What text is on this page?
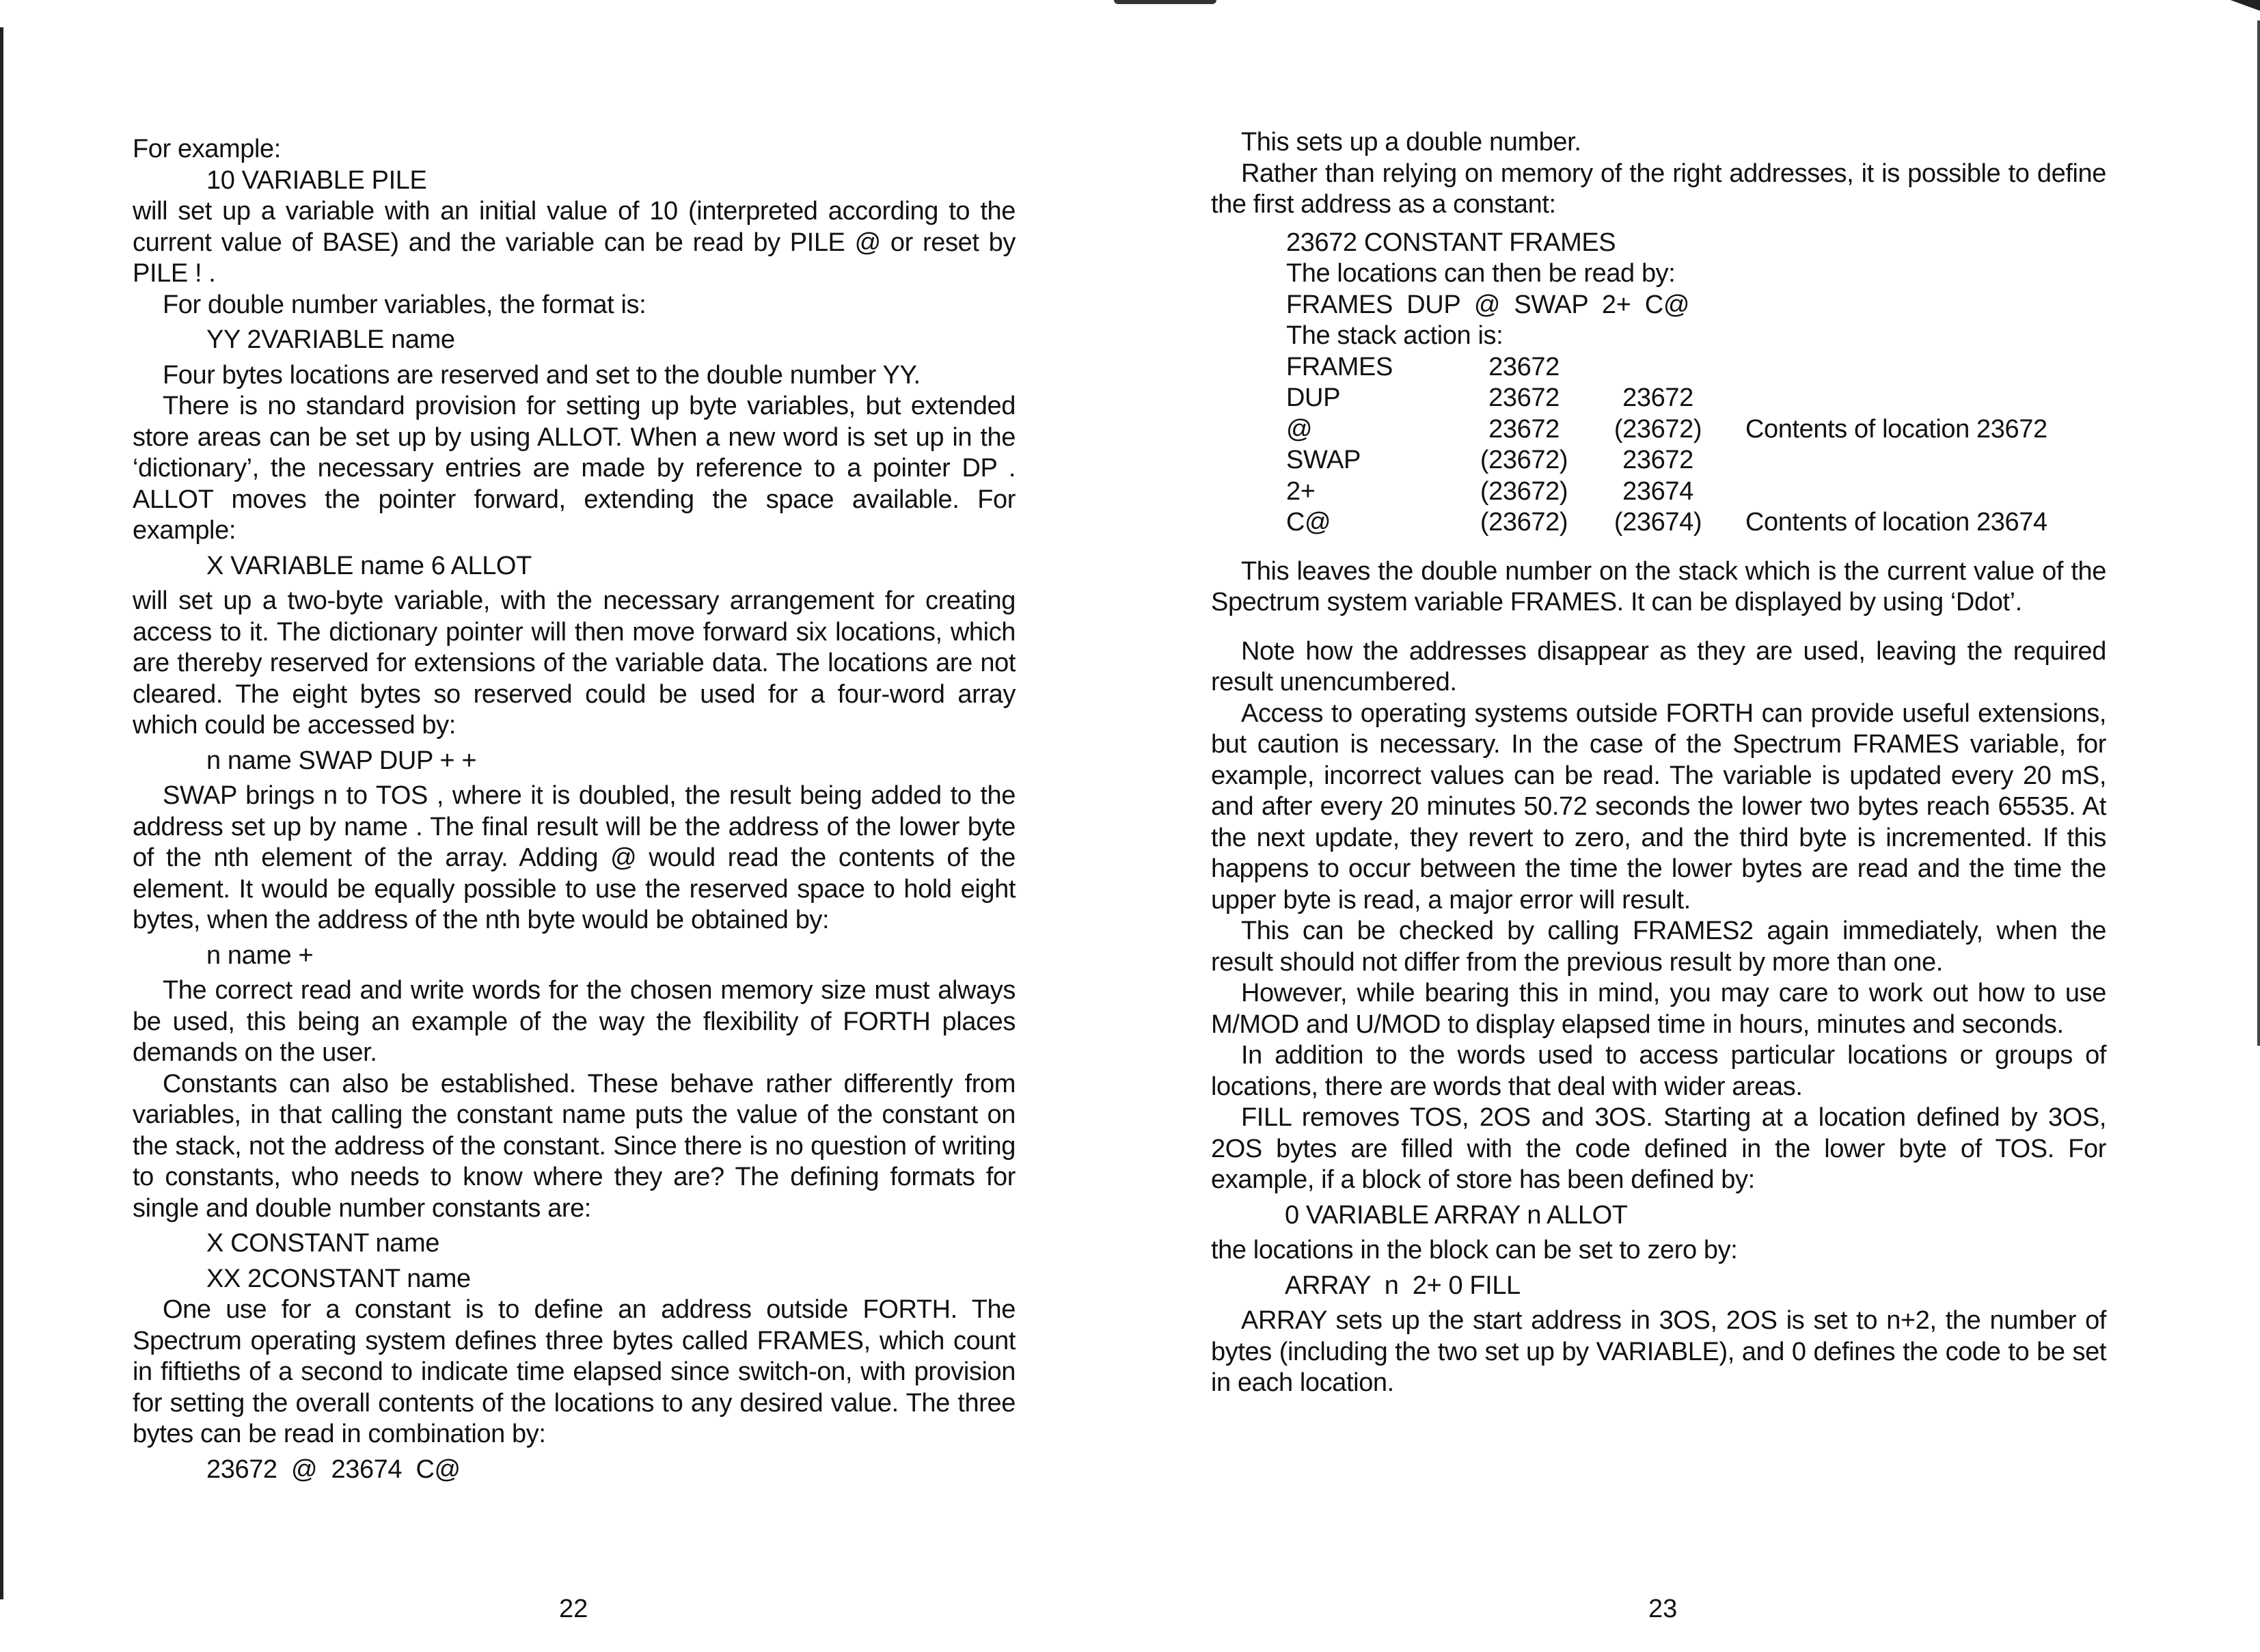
For example:

10 VARIABLE PILE

will set up a variable with an initial value of 10 (interpreted according to the current value of BASE) and the variable can be read by PILE @ or reset by PILE ! .

For double number variables, the format is:

YY 2VARIABLE name

Four bytes locations are reserved and set to the double number YY.

There is no standard provision for setting up byte variables, but extended store areas can be set up by using ALLOT. When a new word is set up in the ‘dictionary’, the necessary entries are made by reference to a pointer DP . ALLOT moves the pointer forward, extending the space available. For example:

X VARIABLE name 6 ALLOT

will set up a two-byte variable, with the necessary arrangement for creating access to it. The dictionary pointer will then move forward six locations, which are thereby reserved for extensions of the variable data. The locations are not cleared. The eight bytes so reserved could be used for a four-word array which could be accessed by:

n name SWAP DUP + +

SWAP brings n to TOS , where it is doubled, the result being added to the address set up by name . The final result will be the address of the lower byte of the nth element of the array. Adding @ would read the contents of the element. It would be equally possible to use the reserved space to hold eight bytes, when the address of the nth byte would be obtained by:

n name +

The correct read and write words for the chosen memory size must always be used, this being an example of the way the flexibility of FORTH places demands on the user.

Constants can also be established. These behave rather differently from variables, in that calling the constant name puts the value of the constant on the stack, not the address of the constant. Since there is no question of writing to constants, who needs to know where they are? The defining formats for single and double number constants are:

X CONSTANT name

XX 2CONSTANT name

One use for a constant is to define an address outside FORTH. The Spectrum operating system defines three bytes called FRAMES, which count in fiftieths of a second to indicate time elapsed since switch-on, with provision for setting the overall contents of the locations to any desired value. The three bytes can be read in combination by:

23672  @  23674  C@

22

This sets up a double number.

Rather than relying on memory of the right addresses, it is possible to define the first address as a constant:

23672 CONSTANT FRAMES

The locations can then be read by:

FRAMES  DUP  @  SWAP  2+  C@

The stack action is:

FRAMES	23672		
DUP	23672	23672	
@	23672	(23672)	Contents of location 23672
SWAP	(23672)	23672	
2+	(23672)	23674	
C@	(23672)	(23674)	Contents of location 23674

This leaves the double number on the stack which is the current value of the Spectrum system variable FRAMES. It can be displayed by using ‘Ddot’.

Note how the addresses disappear as they are used, leaving the required result unencumbered.

Access to operating systems outside FORTH can provide useful extensions, but caution is necessary. In the case of the Spectrum FRAMES variable, for example, incorrect values can be read. The variable is updated every 20 mS, and after every 20 minutes 50.72 seconds the lower two bytes reach 65535. At the next update, they revert to zero, and the third byte is incremented. If this happens to occur between the time the lower bytes are read and the time the upper byte is read, a major error will result.

This can be checked by calling FRAMES2 again immediately, when the result should not differ from the previous result by more than one.

However, while bearing this in mind, you may care to work out how to use M/MOD and U/MOD to display elapsed time in hours, minutes and seconds.

In addition to the words used to access particular locations or groups of locations, there are words that deal with wider areas.

FILL removes TOS, 2OS and 3OS. Starting at a location defined by 3OS, 2OS bytes are filled with the code defined in the lower byte of TOS. For example, if a block of store has been defined by:

0 VARIABLE ARRAY n ALLOT

the locations in the block can be set to zero by:

ARRAY  n  2+ 0 FILL

ARRAY sets up the start address in 3OS, 2OS is set to n+2, the number of bytes (including the two set up by VARIABLE), and 0 defines the code to be set in each location.

23
